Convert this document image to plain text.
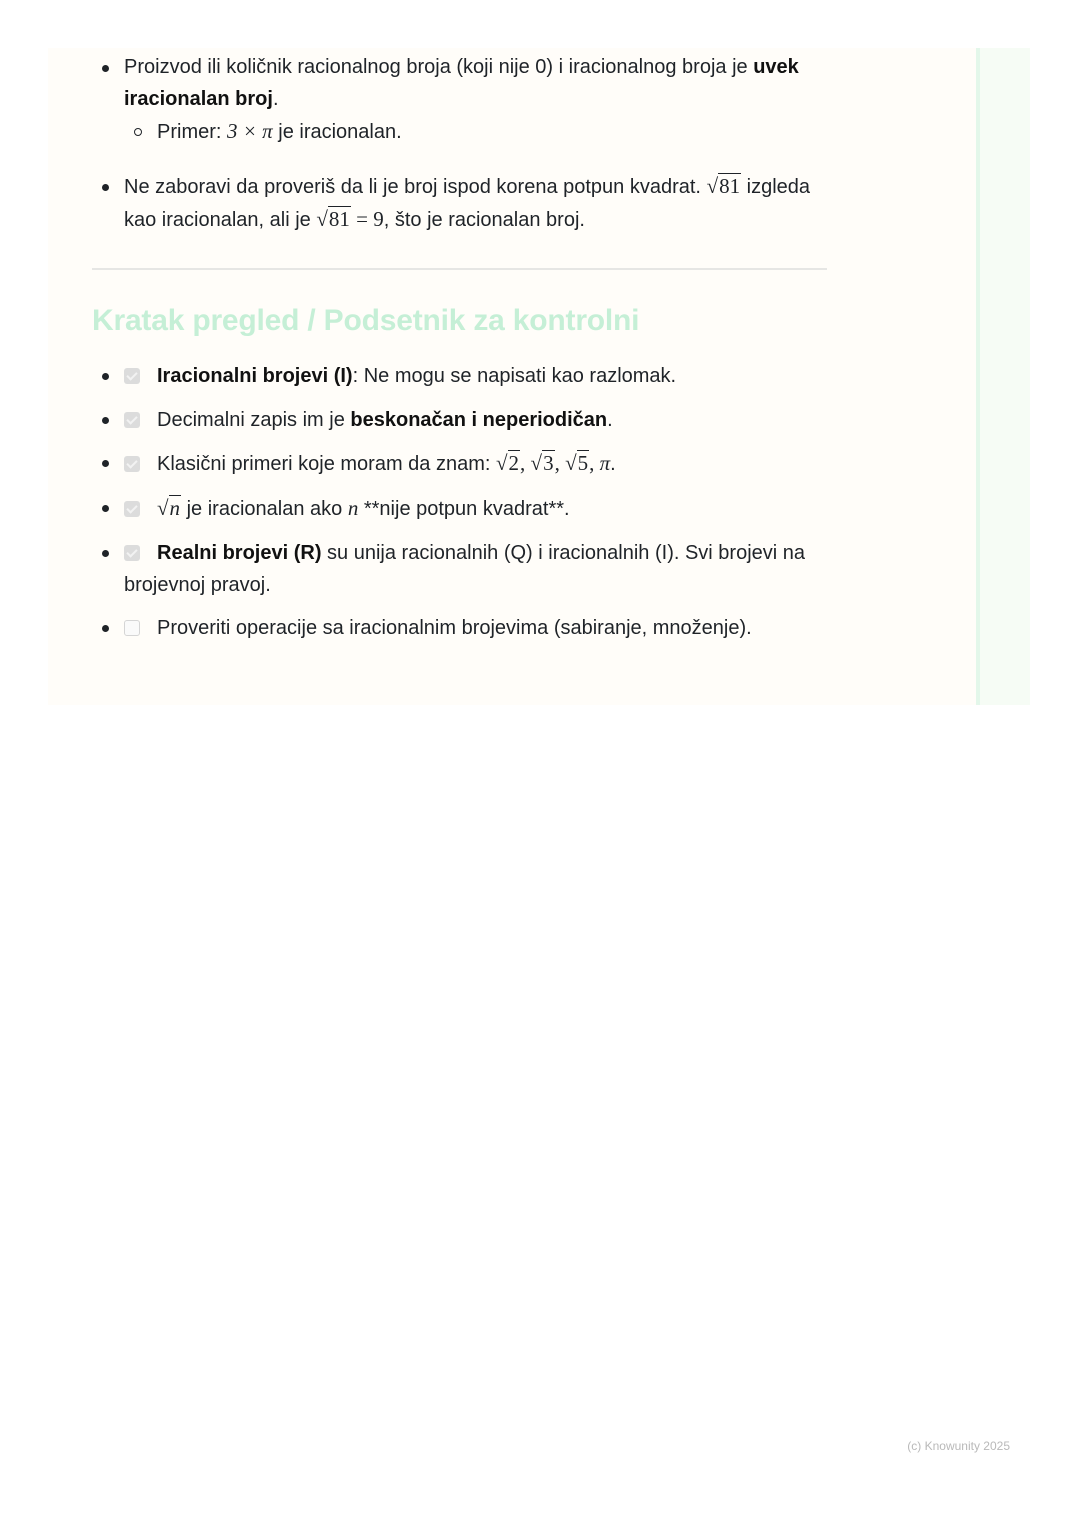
Proizvod ili količnik racionalnog broja (koji nije 0) i iracionalnog broja je uvek iracionalan broj.
Primer: 3 × π je iracionalan.
Ne zaboravi da proveriš da li je broj ispod korena potpun kvadrat. √81 izgleda kao iracionalan, ali je √81 = 9, što je racionalan broj.
Kratak pregled / Podsetnik za kontrolni
Iracionalni brojevi (I): Ne mogu se napisati kao razlomak.
Decimalni zapis im je beskonačan i neperiodičan.
Klasični primeri koje moram da znam: √2, √3, √5, π.
√n je iracionalan ako n **nije potpun kvadrat**.
Realni brojevi (R) su unija racionalnih (Q) i iracionalnih (I). Svi brojevi na brojevnoj pravoj.
Proveriti operacije sa iracionalnim brojevima (sabiranje, množenje).
(c) Knowunity 2025
